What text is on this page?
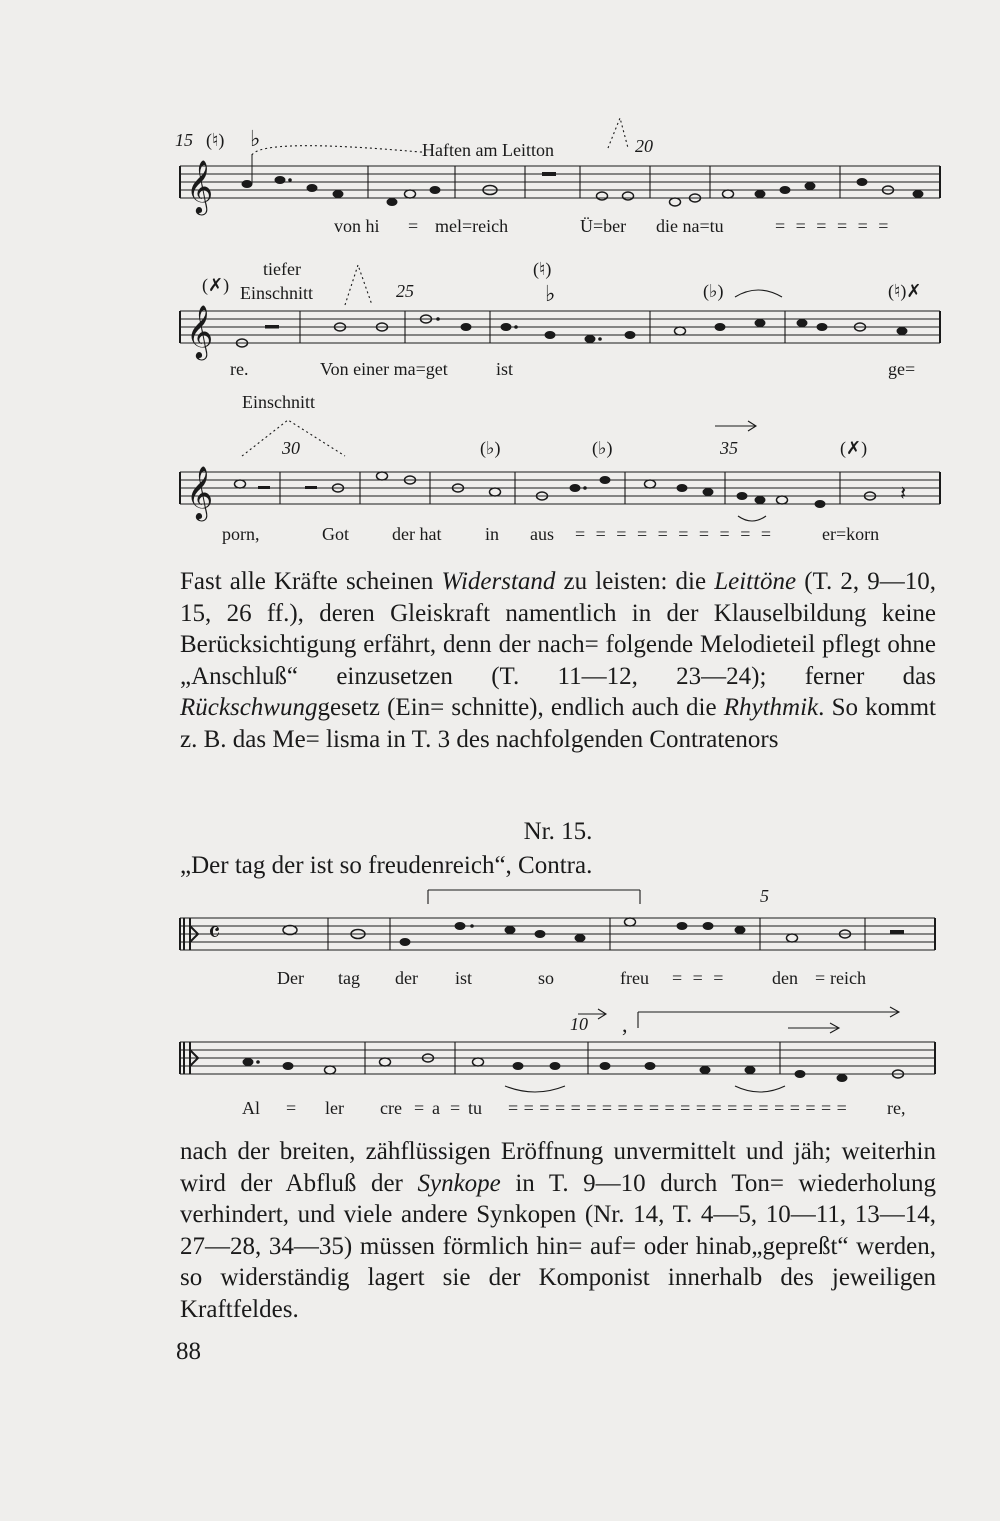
15 (♮) ♭	Haften am Leitton	20
𝄞
von hi = mel=reich	Ü=ber die na=tu	= = = = = =
tiefer
(✗) Einschnitt	25
(♮)
♭	(♭)	(♮)✗
𝄞
re.	Von einer ma=get	ist	ge=
Einschnitt
30	(♭)	(♭)	35	(✗)
𝄞	𝄽
porn,	Got der hat in aus = = = = = = = = = =	er=korn

Fast alle Kräfte scheinen Widerstand zu leisten: die Leittöne (T. 2, 9—10, 15, 26 ff.), deren Gleiskraft namentlich in der Klauselbildung keine Berücksichtigung erfährt, denn der nach= folgende Melodieteil pflegt ohne „Anschluß“ einzusetzen (T. 11—12, 23—24); ferner das Rückschwunggesetz (Ein= schnitte), endlich auch die Rhythmik. So kommt z. B. das Me= lisma in T. 3 des nachfolgenden Contratenors

Nr. 15.
„Der tag der ist so freudenreich“, Contra.
5
𝄴
Der tag der ist	so	freu = = =	den = reich
10 ,
Al = ler cre = a = tu = = = = = = = = = = = = = = = = = = = = = = re,

nach der breiten, zähflüssigen Eröffnung unvermittelt und jäh; weiterhin wird der Abfluß der Synkope in T. 9—10 durch Ton= wiederholung verhindert, und viele andere Synkopen (Nr. 14, T. 4—5, 10—11, 13—14, 27—28, 34—35) müssen förmlich hin= auf= oder hinab„gepreßt“ werden, so widerständig lagert sie der Komponist innerhalb des jeweiligen Kraftfeldes.

88
